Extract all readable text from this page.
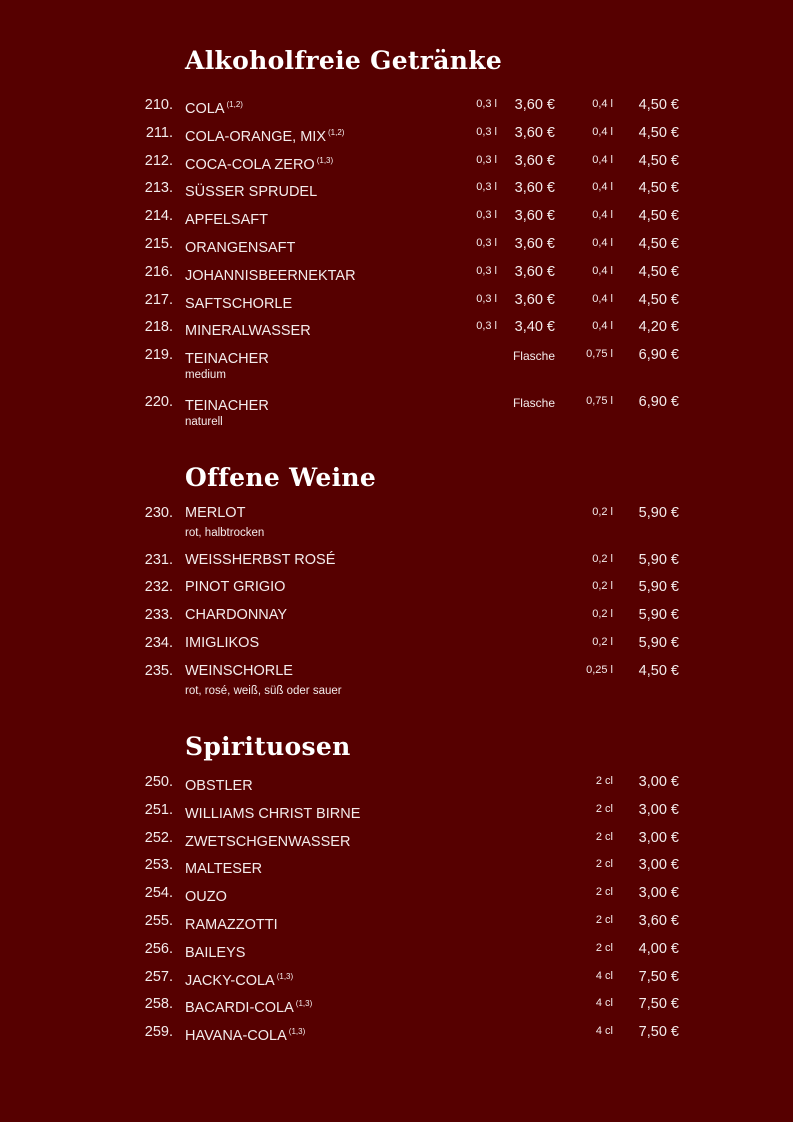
Alkoholfreie Getränke
210. COLA $^{(1,2)}$	0,3 l 3,60 €	0,4 l 4,50 €
211. COLA-ORANGE, MIX $^{(1,2)}$	0,3 l 3,60 €	0,4 l 4,50 €
212. COCA-COLA ZERO $^{(1,3)}$	0,3 l 3,60 €	0,4 l 4,50 €
213. SÜSSER SPRUDEL	0,3 l 3,60 €	0,4 l 4,50 €
214. APFELSAFT	0,3 l 3,60 €	0,4 l 4,50 €
215. ORANGENSAFT	0,3 l 3,60 €	0,4 l 4,50 €
216. JOHANNISBEERNEKTAR	0,3 l 3,60 €	0,4 l 4,50 €
217. SAFTSCHORLE	0,3 l 3,60 €	0,4 l 4,50 €
218. MINERALWASSER	0,3 l 3,40 €	0,4 l 4,20 €
219. TEINACHER
medium
Flasche	0,75 l 6,90 €
220. TEINACHER
naturell
Flasche	0,75 l 6,90 €
Offene Weine
230. MERLOT
rot, halbtrocken
0,2 l 5,90 €
231. WEISSHERBST ROSÉ	0,2 l 5,90 €
232. PINOT GRIGIO	0,2 l 5,90 €
233. CHARDONNAY	0,2 l 5,90 €
234. IMIGLIKOS	0,2 l 5,90 €
235. WEINSCHORLE
rot, rosé, weiß, süß oder sauer
0,25 l 4,50 €
Spirituosen
250. OBSTLER	2 cl 3,00 €
251. WILLIAMS CHRIST BIRNE	2 cl 3,00 €
252. ZWETSCHGENWASSER	2 cl 3,00 €
253. MALTESER	2 cl 3,00 €
254. OUZO	2 cl 3,00 €
255. RAMAZZOTTI	2 cl 3,60 €
256. BAILEYS	2 cl 4,00 €
257. JACKY-COLA $^{(1,3)}$	4 cl 7,50 €
258. BACARDI-COLA $^{(1,3)}$	4 cl 7,50 €
259. HAVANA-COLA $^{(1,3)}$	4 cl 7,50 €
